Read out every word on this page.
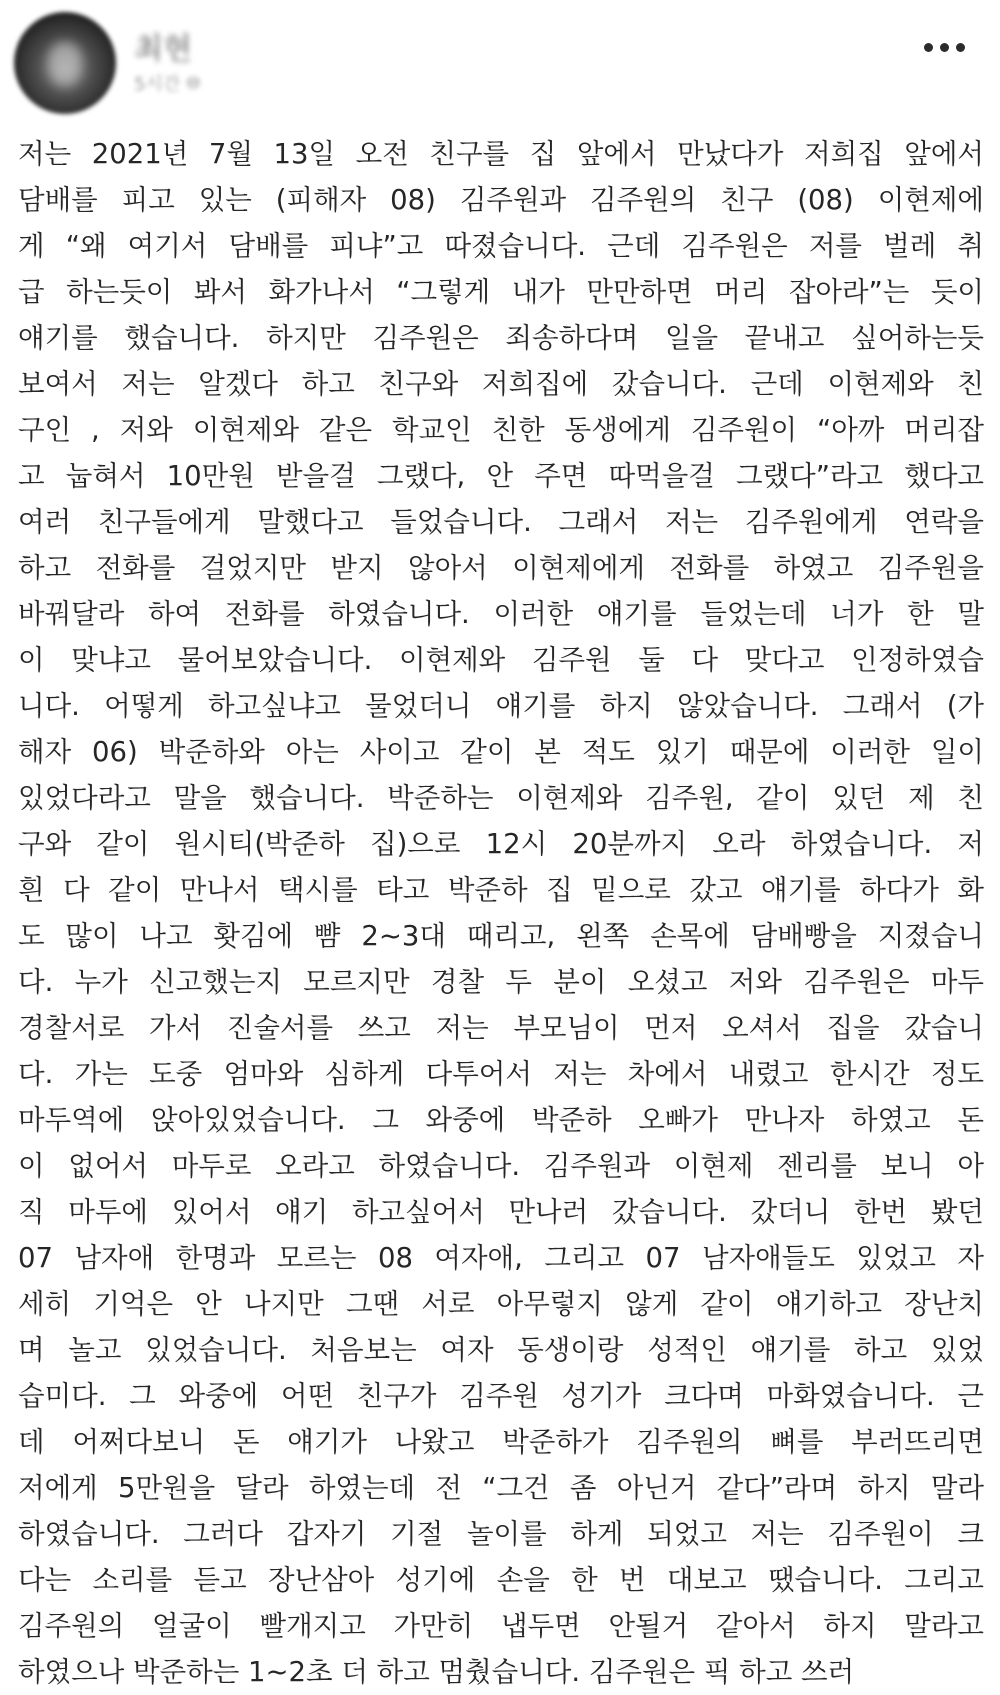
최현
5시간 🌐︎
저는 2021년 7월 13일 오전 친구를 집 앞에서 만났다가 저희집 앞에서
담배를 피고 있는 (피해자 08) 김주원과 김주원의 친구 (08) 이현제에
게 “왜 여기서 담배를 피냐”고 따졌습니다. 근데 김주원은 저를 벌레 취
급 하는듯이 봐서 화가나서 “그렇게 내가 만만하면 머리 잡아라”는 듯이
얘기를 했습니다. 하지만 김주원은 죄송하다며 일을 끝내고 싶어하는듯
보여서 저는 알겠다 하고 친구와 저희집에 갔습니다. 근데 이현제와 친
구인 , 저와 이현제와 같은 학교인 친한 동생에게 김주원이 “아까 머리잡
고 눕혀서 10만원 받을걸 그랬다, 안 주면 따먹을걸 그랬다”라고 했다고
여러 친구들에게 말했다고 들었습니다. 그래서 저는 김주원에게 연락을
하고 전화를 걸었지만 받지 않아서 이현제에게 전화를 하였고 김주원을
바꿔달라 하여 전화를 하였습니다. 이러한 얘기를 들었는데 너가 한 말
이 맞냐고 물어보았습니다. 이현제와 김주원 둘 다 맞다고 인정하였습
니다. 어떻게 하고싶냐고 물었더니 얘기를 하지 않았습니다. 그래서 (가
해자 06) 박준하와 아는 사이고 같이 본 적도 있기 때문에 이러한 일이
있었다라고 말을 했습니다. 박준하는 이현제와 김주원, 같이 있던 제 친
구와 같이 원시티(박준하 집)으로 12시 20분까지 오라 하였습니다. 저
흰 다 같이 만나서 택시를 타고 박준하 집 밑으로 갔고 얘기를 하다가 화
도 많이 나고 홧김에 뺨 2~3대 때리고, 왼쪽 손목에 담배빵을 지졌습니
다. 누가 신고했는지 모르지만 경찰 두 분이 오셨고 저와 김주원은 마두
경찰서로 가서 진술서를 쓰고 저는 부모님이 먼저 오셔서 집을 갔습니
다. 가는 도중 엄마와 심하게 다투어서 저는 차에서 내렸고 한시간 정도
마두역에 앉아있었습니다. 그 와중에 박준하 오빠가 만나자 하였고 돈
이 없어서 마두로 오라고 하였습니다. 김주원과 이현제 젠리를 보니 아
직 마두에 있어서 얘기 하고싶어서 만나러 갔습니다. 갔더니 한번 봤던
07 남자애 한명과 모르는 08 여자애, 그리고 07 남자애들도 있었고 자
세히 기억은 안 나지만 그땐 서로 아무렇지 않게 같이 얘기하고 장난치
며 놀고 있었습니다. 처음보는 여자 동생이랑 성적인 얘기를 하고 있었
습미다. 그 와중에 어떤 친구가 김주원 성기가 크다며 마화였습니다. 근
데 어쩌다보니 돈 얘기가 나왔고 박준하가 김주원의 뼈를 부러뜨리면
저에게 5만원을 달라 하였는데 전 “그건 좀 아닌거 같다”라며 하지 말라
하였습니다. 그러다 갑자기 기절 놀이를 하게 되었고 저는 김주원이 크
다는 소리를 듣고 장난삼아 성기에 손을 한 번 대보고 땠습니다. 그리고
김주원의 얼굴이 빨개지고 가만히 냅두면 안될거 같아서 하지 말라고
하였으나 박준하는 1~2초 더 하고 멈췄습니다. 김주원은 픽 하고 쓰러
